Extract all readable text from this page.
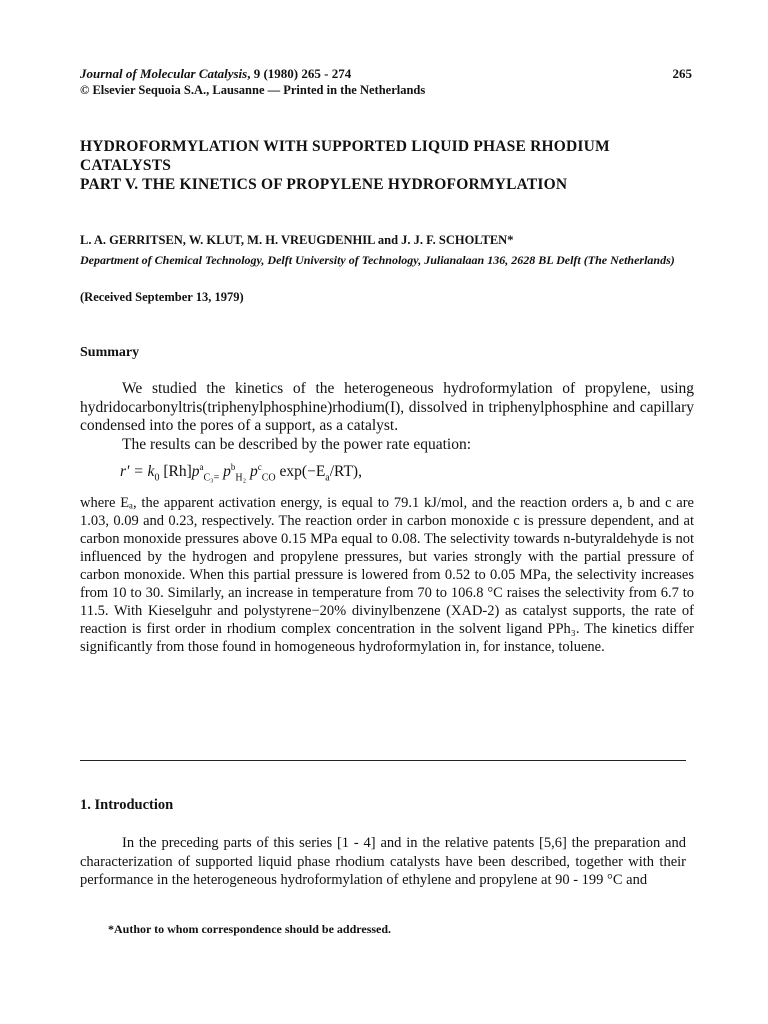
Journal of Molecular Catalysis, 9 (1980) 265 - 274
© Elsevier Sequoia S.A., Lausanne — Printed in the Netherlands
265
HYDROFORMYLATION WITH SUPPORTED LIQUID PHASE RHODIUM
CATALYSTS
PART V. THE KINETICS OF PROPYLENE HYDROFORMYLATION
L. A. GERRITSEN, W. KLUT, M. H. VREUGDENHIL and J. J. F. SCHOLTEN*
Department of Chemical Technology, Delft University of Technology, Julianalaan 136, 2628 BL Delft (The Netherlands)
(Received September 13, 1979)
Summary

We studied the kinetics of the heterogeneous hydroformylation of propylene, using hydridocarbonyltris(triphenylphosphine)rhodium(I), dissolved in triphenylphosphine and capillary condensed into the pores of a support, as a catalyst.

The results can be described by the power rate equation:

$r' = k_0$ $[Rh]p^a_{C_3=}$ $p^b_{H_2}$ $p^c_{CO}$ $\exp(-E_a/RT)$,

where Eₐ, the apparent activation energy, is equal to 79.1 kJ/mol, and the reaction orders a, b and c are 1.03, 0.09 and 0.23, respectively. The reaction order in carbon monoxide c is pressure dependent, and at carbon monoxide pressures above 0.15 MPa equal to 0.08. The selectivity towards n-butyraldehyde is not influenced by the hydrogen and propylene pressures, but varies strongly with the partial pressure of carbon monoxide. When this partial pressure is lowered from 0.52 to 0.05 MPa, the selectivity increases from 10 to 30. Similarly, an increase in temperature from 70 to 106.8 °C raises the selectivity from 6.7 to 11.5. With Kieselguhr and polystyrene−20% divinylbenzene (XAD-2) as catalyst supports, the rate of reaction is first order in rhodium complex concentration in the solvent ligand PPh₃. The kinetics differ significantly from those found in homogeneous hydroformylation in, for instance, toluene.

1. Introduction

In the preceding parts of this series [1 - 4] and in the relative patents [5,6] the preparation and characterization of supported liquid phase rhodium catalysts have been described, together with their performance in the heterogeneous hydroformylation of ethylene and propylene at 90 - 199 °C and

*Author to whom correspondence should be addressed.
